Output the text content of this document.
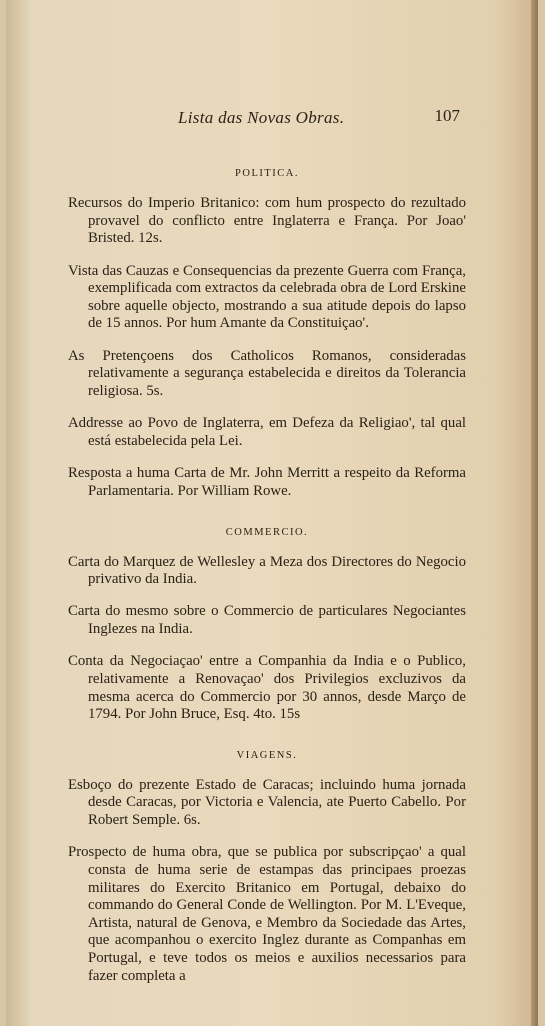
Lista das Novas Obras.	107
POLITICA.

Recursos do Imperio Britanico: com hum prospecto do rezultado provavel do conflicto entre Inglaterra e França. Por Joao' Bristed. 12s.

Vista das Cauzas e Consequencias da prezente Guerra com França, exemplificada com extractos da celebrada obra de Lord Erskine sobre aquelle objecto, mostrando a sua atitude depois do lapso de 15 annos. Por hum Amante da Constituiçao'.

As Pretençoens dos Catholicos Romanos, consideradas relativamente a segurança estabelecida e direitos da Tolerancia religiosa. 5s.

Addresse ao Povo de Inglaterra, em Defeza da Religiao', tal qual está estabelecida pela Lei.

Resposta a huma Carta de Mr. John Merritt a respeito da Reforma Parlamentaria. Por William Rowe.

COMMERCIO.

Carta do Marquez de Wellesley a Meza dos Directores do Negocio privativo da India.

Carta do mesmo sobre o Commercio de particulares Negociantes Inglezes na India.

Conta da Negociaçao' entre a Companhia da India e o Publico, relativamente a Renovaçao' dos Privilegios excluzivos da mesma acerca do Commercio por 30 annos, desde Março de 1794. Por John Bruce, Esq. 4to. 15s

VIAGENS.

Esboço do prezente Estado de Caracas; incluindo huma jornada desde Caracas, por Victoria e Valencia, ate Puerto Cabello. Por Robert Semple. 6s.

Prospecto de huma obra, que se publica por subscripçao' a qual consta de huma serie de estampas das principaes proezas militares do Exercito Britanico em Portugal, debaixo do commando do General Conde de Wellington. Por M. L'Eveque, Artista, natural de Genova, e Membro da Sociedade das Artes, que acompanhou o exercito Inglez durante as Companhas em Portugal, e teve todos os meios e auxilios necessarios para fazer completa a
